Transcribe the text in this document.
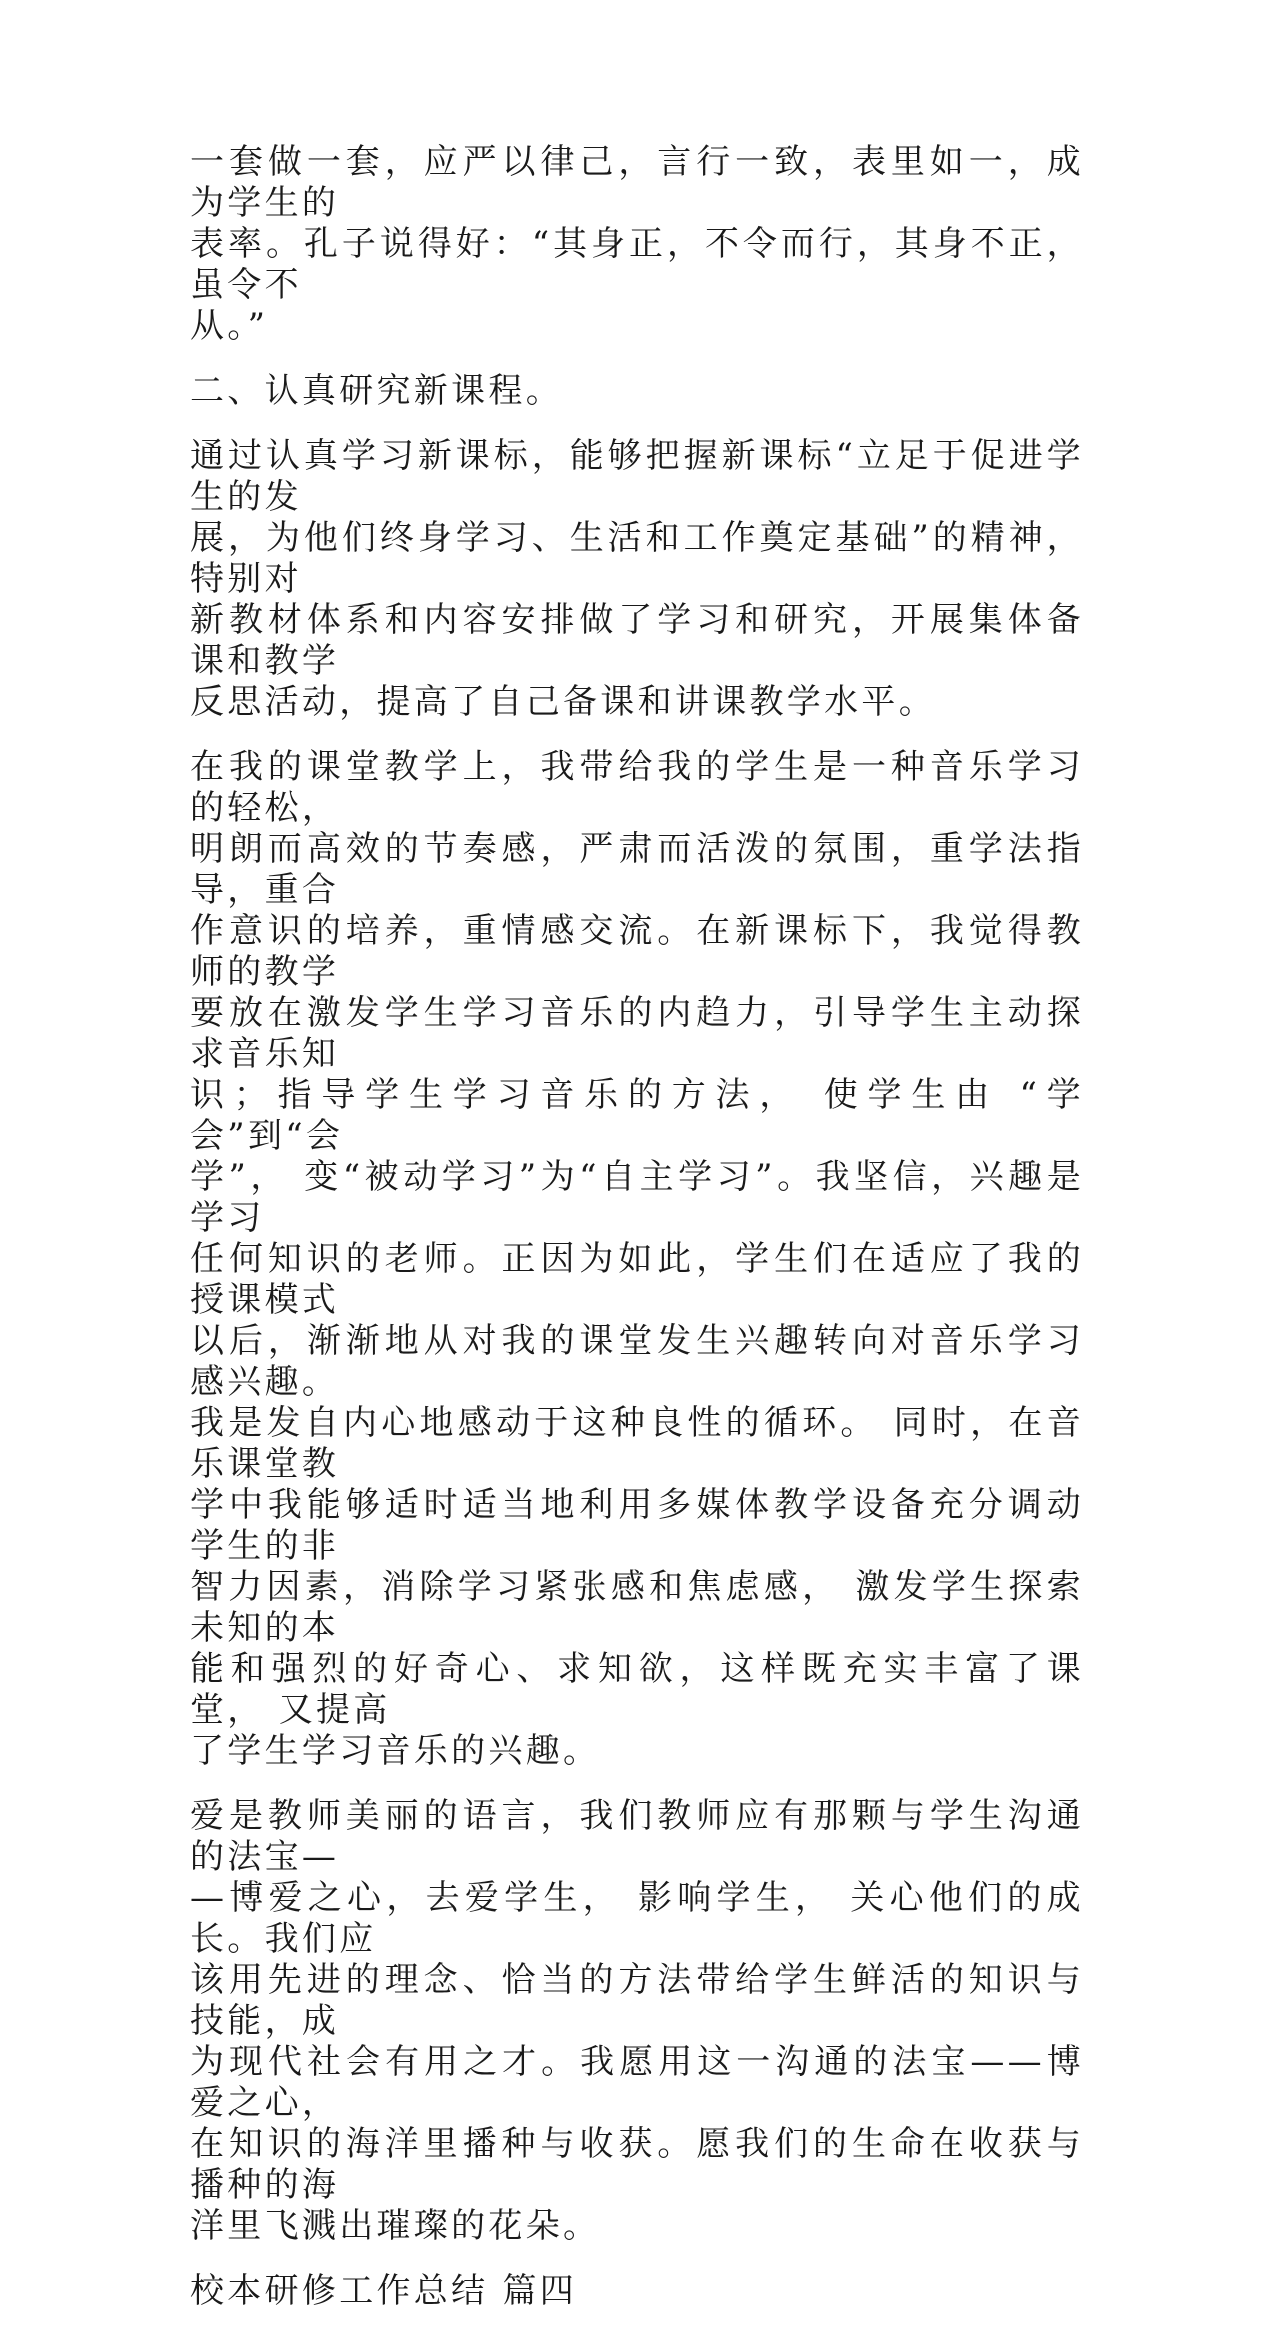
一套做一套，应严以律己，言行一致，表里如一，成为学生的
表率。孔子说得好：“其身正，不令而行，其身不正，虽令不
从。”

二、认真研究新课程。

通过认真学习新课标，能够把握新课标“立足于促进学生的发
展，为他们终身学习、生活和工作奠定基础”的精神，特别对
新教材体系和内容安排做了学习和研究，开展集体备课和教学
反思活动，提高了自己备课和讲课教学水平。

在我的课堂教学上，我带给我的学生是一种音乐学习的轻松，
明朗而高效的节奏感，严肃而活泼的氛围，重学法指导，重合
作意识的培养，重情感交流。在新课标下，我觉得教师的教学
要放在激发学生学习音乐的内趋力，引导学生主动探求音乐知
识；指导学生学习音乐的方法， 使学生由 “学会”到“会
学”， 变“被动学习”为“自主学习”。我坚信，兴趣是学习
任何知识的老师。正因为如此，学生们在适应了我的授课模式
以后，渐渐地从对我的课堂发生兴趣转向对音乐学习感兴趣。
我是发自内心地感动于这种良性的循环。 同时，在音乐课堂教
学中我能够适时适当地利用多媒体教学设备充分调动学生的非
智力因素，消除学习紧张感和焦虑感， 激发学生探索未知的本
能和强烈的好奇心、求知欲，这样既充实丰富了课堂， 又提高
了学生学习音乐的兴趣。

爱是教师美丽的语言，我们教师应有那颗与学生沟通的法宝—
—博爱之心，去爱学生， 影响学生， 关心他们的成长。我们应
该用先进的理念、恰当的方法带给学生鲜活的知识与技能，成
为现代社会有用之才。我愿用这一沟通的法宝——博爱之心，
在知识的海洋里播种与收获。愿我们的生命在收获与播种的海
洋里飞溅出璀璨的花朵。

校本研修工作总结 篇四
